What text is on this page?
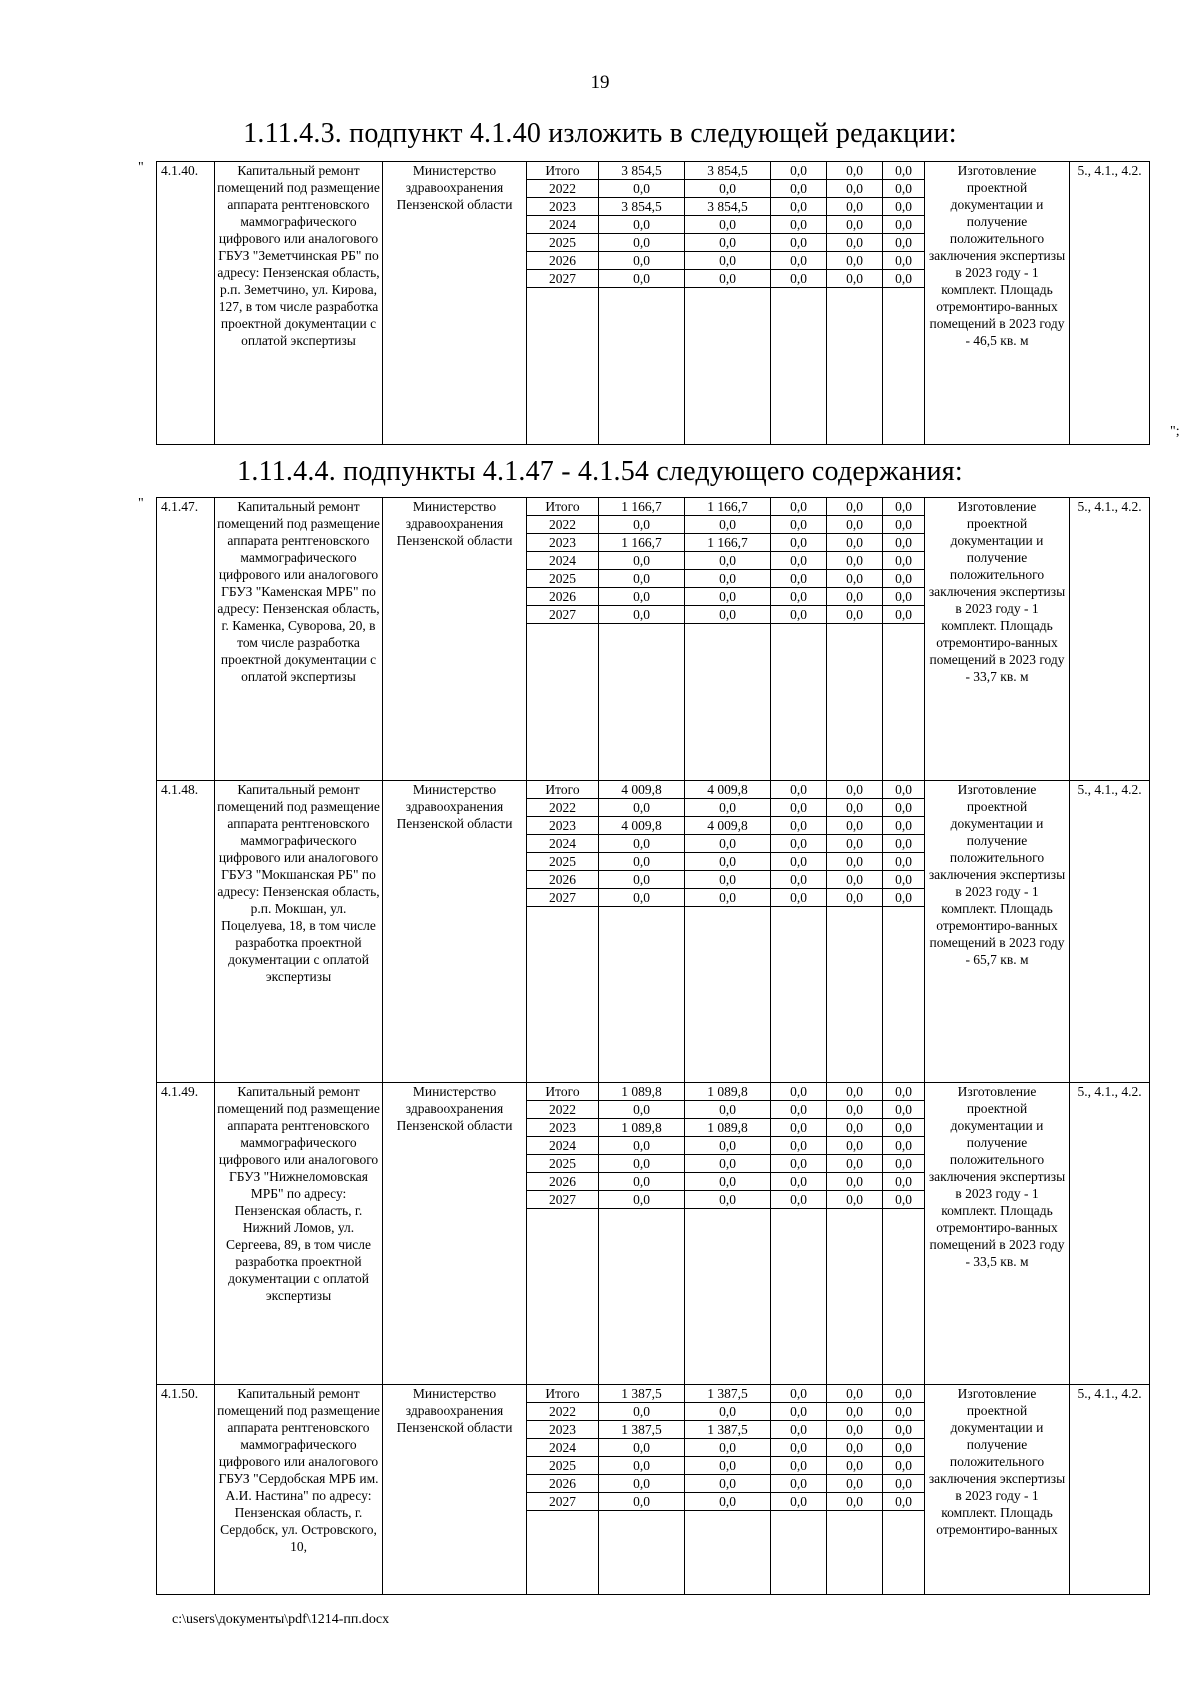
19
1.11.4.3. подпункт 4.1.40 изложить в следующей редакции:
"
";
4.1.40.	Капитальный ремонт помещений под размещение аппарата рентгеновского маммографического цифрового или аналогового ГБУЗ "Земетчинская РБ" по адресу: Пензенская область, р.п. Земетчино, ул. Кирова, 127, в том числе разработка проектной документации с оплатой экспертизы	Министерство здравоохранения Пензенской области	Итого	3 854,5	3 854,5	0,0	0,0	0,0	Изготовление проектной документации и получение положительного заключения экспертизы в 2023 году - 1 комплект. Площадь отремонтиро-ванных помещений в 2023 году - 46,5 кв. м	5., 4.1., 4.2.
			2022	0,0	0,0	0,0	0,0	0,0		
			2023	3 854,5	3 854,5	0,0	0,0	0,0		
			2024	0,0	0,0	0,0	0,0	0,0		
			2025	0,0	0,0	0,0	0,0	0,0		
			2026	0,0	0,0	0,0	0,0	0,0		
			2027	0,0	0,0	0,0	0,0	0,0		

1.11.4.4. подпункты 4.1.47 - 4.1.54 следующего содержания:
" 4.1.47.	Капитальный ремонт помещений под размещение аппарата рентгеновского маммографического цифрового или аналогового ГБУЗ "Каменская МРБ" по адресу: Пензенская область, г. Каменка, Суворова, 20, в том числе разработка проектной документации с оплатой экспертизы	Министерство здравоохранения Пензенской области	Итого	1 166,7	1 166,7	0,0	0,0	0,0	Изготовление проектной документации и получение положительного заключения экспертизы в 2023 году - 1 комплект. Площадь отремонтиро-ванных помещений в 2023 году - 33,7 кв. м	5., 4.1., 4.2.
			2022	0,0	0,0	0,0	0,0	0,0		
			2023	1 166,7	1 166,7	0,0	0,0	0,0		
			2024	0,0	0,0	0,0	0,0	0,0		
			2025	0,0	0,0	0,0	0,0	0,0		
			2026	0,0	0,0	0,0	0,0	0,0		
			2027	0,0	0,0	0,0	0,0	0,0		

4.1.48.	Капитальный ремонт помещений под размещение аппарата рентгеновского маммографического цифрового или аналогового ГБУЗ "Мокшанская РБ" по адресу: Пензенская область, р.п. Мокшан, ул. Поцелуева, 18, в том числе разработка проектной документации с оплатой экспертизы	Министерство здравоохранения Пензенской области	Итого	4 009,8	4 009,8	0,0	0,0	0,0	Изготовление проектной документации и получение положительного заключения экспертизы в 2023 году - 1 комплект. Площадь отремонтиро-ванных помещений в 2023 году - 65,7 кв. м	5., 4.1., 4.2.
			2022	0,0	0,0	0,0	0,0	0,0		
			2023	4 009,8	4 009,8	0,0	0,0	0,0		
			2024	0,0	0,0	0,0	0,0	0,0		
			2025	0,0	0,0	0,0	0,0	0,0		
			2026	0,0	0,0	0,0	0,0	0,0		
			2027	0,0	0,0	0,0	0,0	0,0		

4.1.49.	Капитальный ремонт помещений под размещение аппарата рентгеновского маммографического цифрового или аналогового ГБУЗ "Нижнеломовская МРБ" по адресу: Пензенская область, г. Нижний Ломов, ул. Сергеева, 89, в том числе разработка проектной документации с оплатой экспертизы	Министерство здравоохранения Пензенской области	Итого	1 089,8	1 089,8	0,0	0,0	0,0	Изготовление проектной документации и получение положительного заключения экспертизы в 2023 году - 1 комплект. Площадь отремонтиро-ванных помещений в 2023 году - 33,5 кв. м	5., 4.1., 4.2.
			2022	0,0	0,0	0,0	0,0	0,0		
			2023	1 089,8	1 089,8	0,0	0,0	0,0		
			2024	0,0	0,0	0,0	0,0	0,0		
			2025	0,0	0,0	0,0	0,0	0,0		
			2026	0,0	0,0	0,0	0,0	0,0		
			2027	0,0	0,0	0,0	0,0	0,0		

4.1.50.	Капитальный ремонт помещений под размещение аппарата рентгеновского маммографического цифрового или аналогового ГБУЗ "Сердобская МРБ им. А.И. Настина" по адресу: Пензенская область, г. Сердобск, ул. Островского, 10,	Министерство здравоохранения Пензенской области	Итого	1 387,5	1 387,5	0,0	0,0	0,0	Изготовление проектной документации и получение положительного заключения экспертизы в 2023 году - 1 комплект. Площадь отремонтиро-ванных	5., 4.1., 4.2.
			2022	0,0	0,0	0,0	0,0	0,0		
			2023	1 387,5	1 387,5	0,0	0,0	0,0		
			2024	0,0	0,0	0,0	0,0	0,0		
			2025	0,0	0,0	0,0	0,0	0,0		
			2026	0,0	0,0	0,0	0,0	0,0		
			2027	0,0	0,0	0,0	0,0	0,0		

c:\users\документы\pdf\1214-пп.docx
